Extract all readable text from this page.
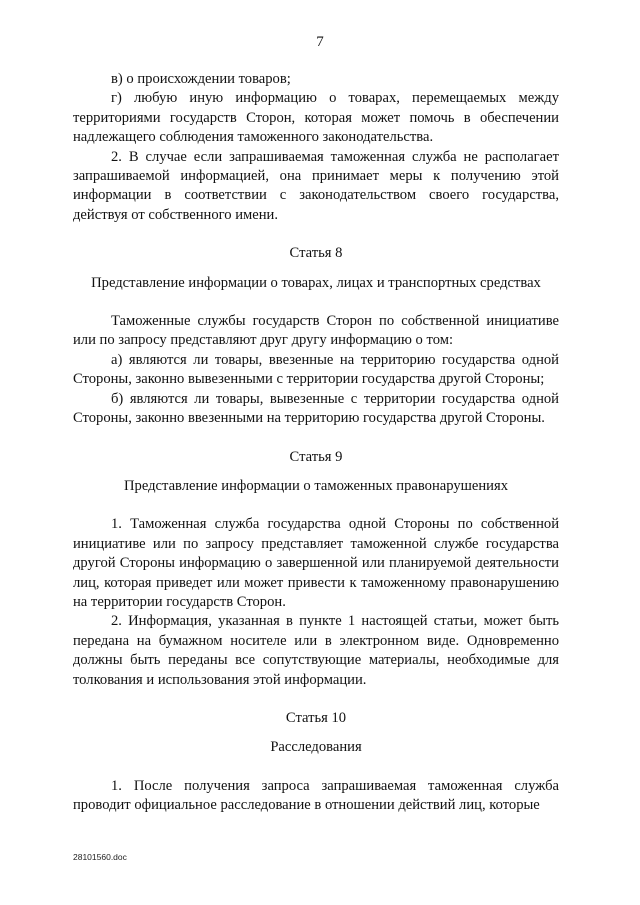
7

в) о происхождении товаров;

г) любую иную информацию о товарах, перемещаемых между территориями государств Сторон, которая может помочь в обеспечении надлежащего соблюдения таможенного законодательства.

2. В случае если запрашиваемая таможенная служба не располагает запрашиваемой информацией, она принимает меры к получению этой информации в соответствии с законодательством своего государства, действуя от собственного имени.

Статья 8

Представление информации о товарах, лицах и транспортных средствах

Таможенные службы государств Сторон по собственной инициативе или по запросу представляют друг другу информацию о том:

а) являются ли товары, ввезенные на территорию государства одной Стороны, законно вывезенными с территории государства другой Стороны;

б) являются ли товары, вывезенные с территории государства одной Стороны, законно ввезенными на территорию государства другой Стороны.

Статья 9

Представление информации о таможенных правонарушениях

1. Таможенная служба государства одной Стороны по собственной инициативе или по запросу представляет таможенной службе государства другой Стороны информацию о завершенной или планируемой деятельности лиц, которая приведет или может привести к таможенному правонарушению на территории государств Сторон.

2. Информация, указанная в пункте 1 настоящей статьи, может быть передана на бумажном носителе или в электронном виде. Одновременно должны быть переданы все сопутствующие материалы, необходимые для толкования и использования этой информации.

Статья 10

Расследования

1. После получения запроса запрашиваемая таможенная служба проводит официальное расследование в отношении действий лиц, которые

28101560.doc
